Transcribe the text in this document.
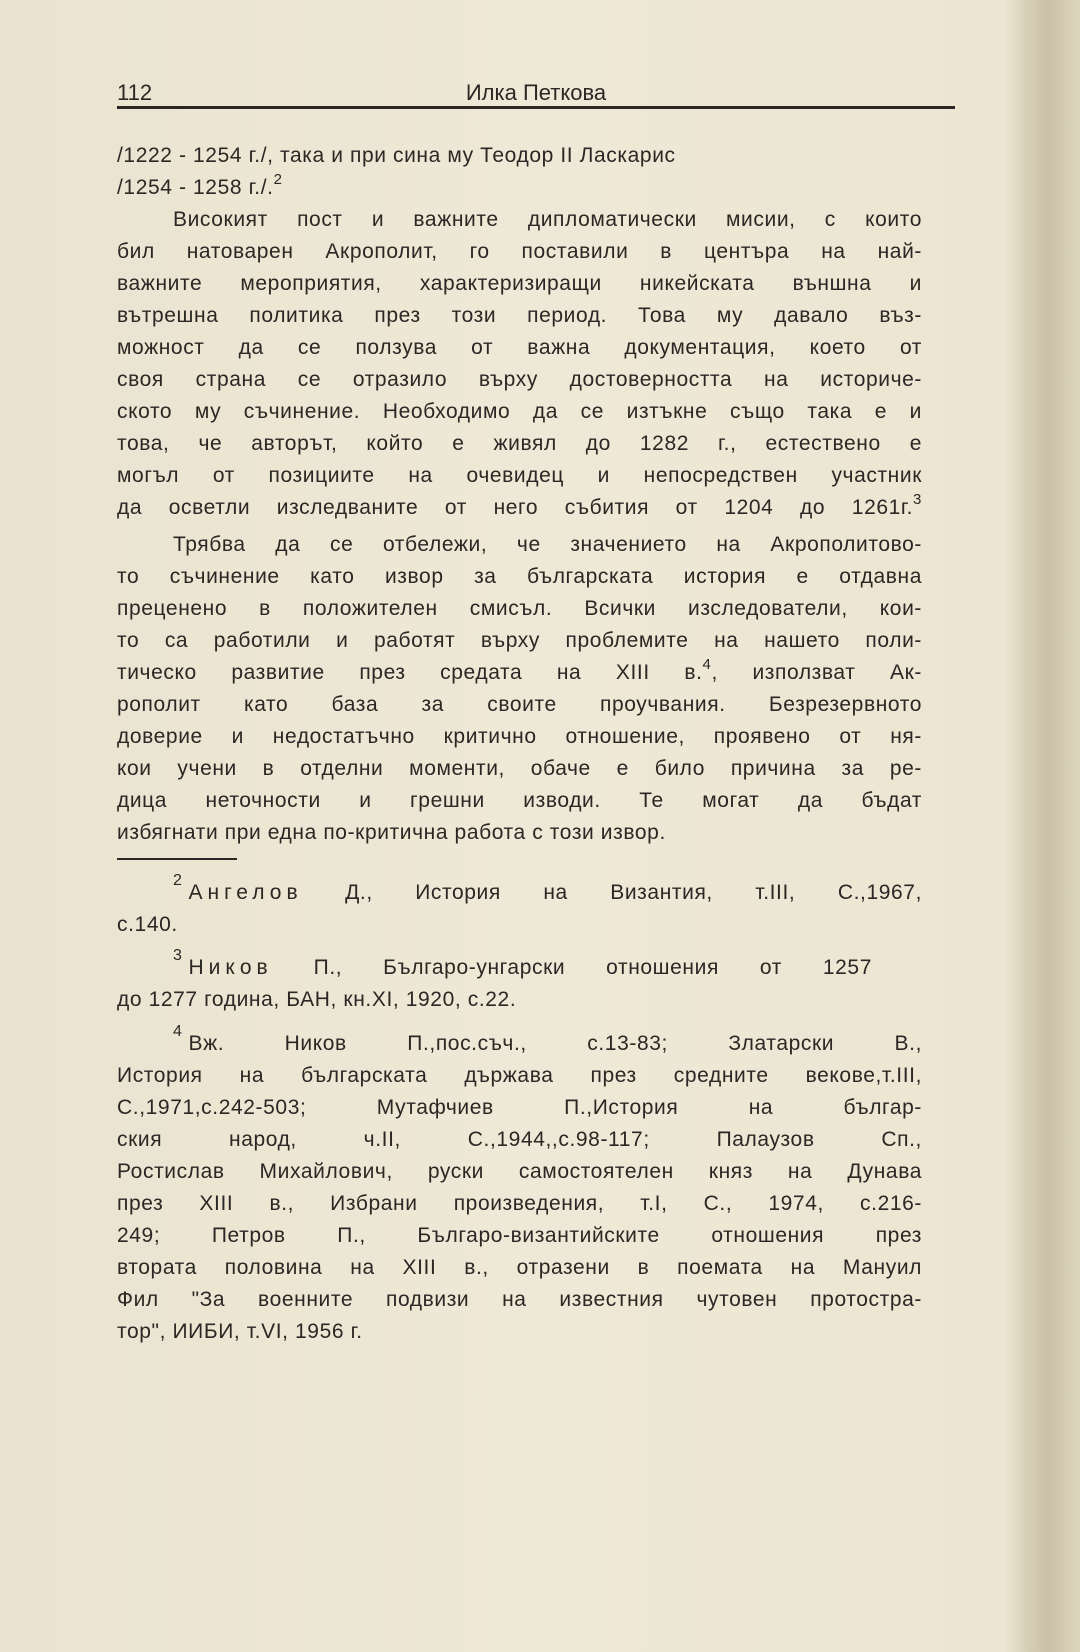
112	Илка Петкова
/1222 - 1254 г./, така и при сина му Теодор II Ласкарис
/1254 - 1258 г./.$^2$
Високият пост и важните дипломатически мисии, с които
бил натоварен Акрополит, го поставили в центъра на най-
важните мероприятия, характеризиращи никейската външна и
вътрешна политика през този период. Това му давало въз-
можност да се ползува от важна документация, което от
своя страна се отразило върху достоверността на историче-
ското му съчинение. Необходимо да се изтъкне също така е и
това, че авторът, който е живял до 1282 г., естествено е
могъл от позициите на очевидец и непосредствен участник
да осветли изследваните от него събития от 1204 до 1261г.$^3$
Трябва да се отбележи, че значението на Акрополитово-
то съчинение като извор за българската история е отдавна
преценено в положителен смисъл. Всички изследователи, кои-
то са работили и работят върху проблемите на нашето поли-
тическо развитие през средата на XIII в.$^4$, използват Ак-
рополит като база за своите проучвания. Безрезервното
доверие и недостатъчно критично отношение, проявено от ня-
кои учени в отделни моменти, обаче е било причина за ре-
дица неточности и грешни изводи. Те могат да бъдат
избягнати при една по-критична работа с този извор.
$^2$Ангелов Д., История на Византия, т.III, С.,1967,
с.140.
$^3$Ников П., Българо-унгарски отношения от 1257
до 1277 година, БАН, кн.XI, 1920, с.22.
$^4$Вж. Ников	П.,пос.съч., с.13-83; Златарски В.,
История на българската държава през средните векове,т.III,
С.,1971,с.242-503; Мутафчиев П.,История на българ-
ския народ, ч.II, С.,1944,,с.98-117; Палаузов Сп.,
Ростислав Михайлович, руски самостоятелен княз на Дунава
през XIII в., Избрани произведения, т.I, С., 1974, с.216-
249; Петров П., Българо-византийските отношения през
втората половина на XIII в., отразени в поемата на Мануил
Фил "За военните подвизи на известния чутовен протостра-
тор", ИИБИ, т.VI, 1956 г.
